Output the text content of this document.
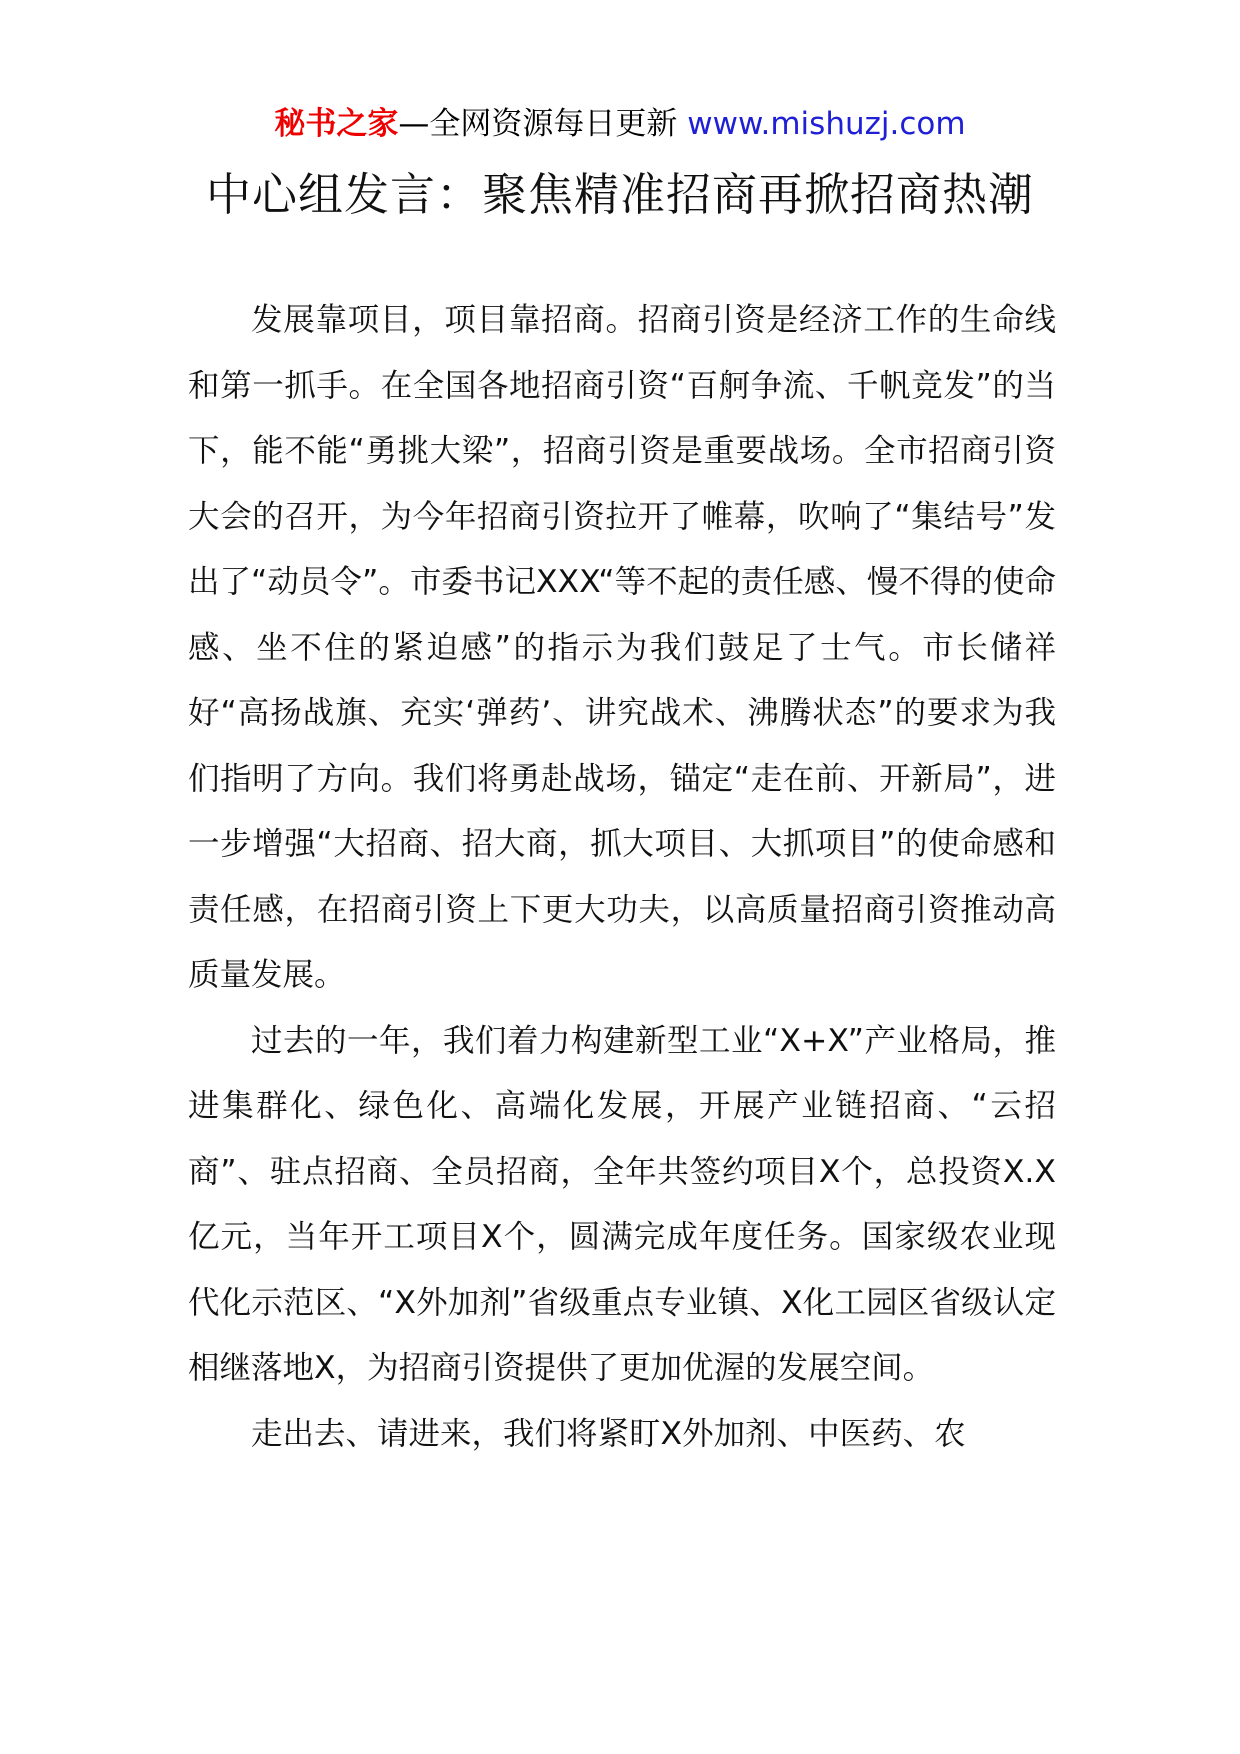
秘书之家—全网资源每日更新 www.mishuzj.com
中心组发言：聚焦精准招商再掀招商热潮

发展靠项目，项目靠招商。招商引资是经济工作的生命线和第一抓手。在全国各地招商引资“百舸争流、千帆竞发”的当下，能不能“勇挑大梁”，招商引资是重要战场。全市招商引资大会的召开，为今年招商引资拉开了帷幕，吹响了“集结号”发出了“动员令”。市委书记XXX“等不起的责任感、慢不得的使命感、坐不住的紧迫感”的指示为我们鼓足了士气。市长储祥好“高扬战旗、充实‘弹药’、讲究战术、沸腾状态”的要求为我们指明了方向。我们将勇赴战场，锚定“走在前、开新局”，进一步增强“大招商、招大商，抓大项目、大抓项目”的使命感和责任感，在招商引资上下更大功夫，以高质量招商引资推动高质量发展。

过去的一年，我们着力构建新型工业“X+X”产业格局，推进集群化、绿色化、高端化发展，开展产业链招商、“云招商”、驻点招商、全员招商，全年共签约项目X个，总投资X.X亿元，当年开工项目X个，圆满完成年度任务。国家级农业现代化示范区、“X外加剂”省级重点专业镇、X化工园区省级认定相继落地X，为招商引资提供了更加优渥的发展空间。

走出去、请进来，我们将紧盯X外加剂、中医药、农
